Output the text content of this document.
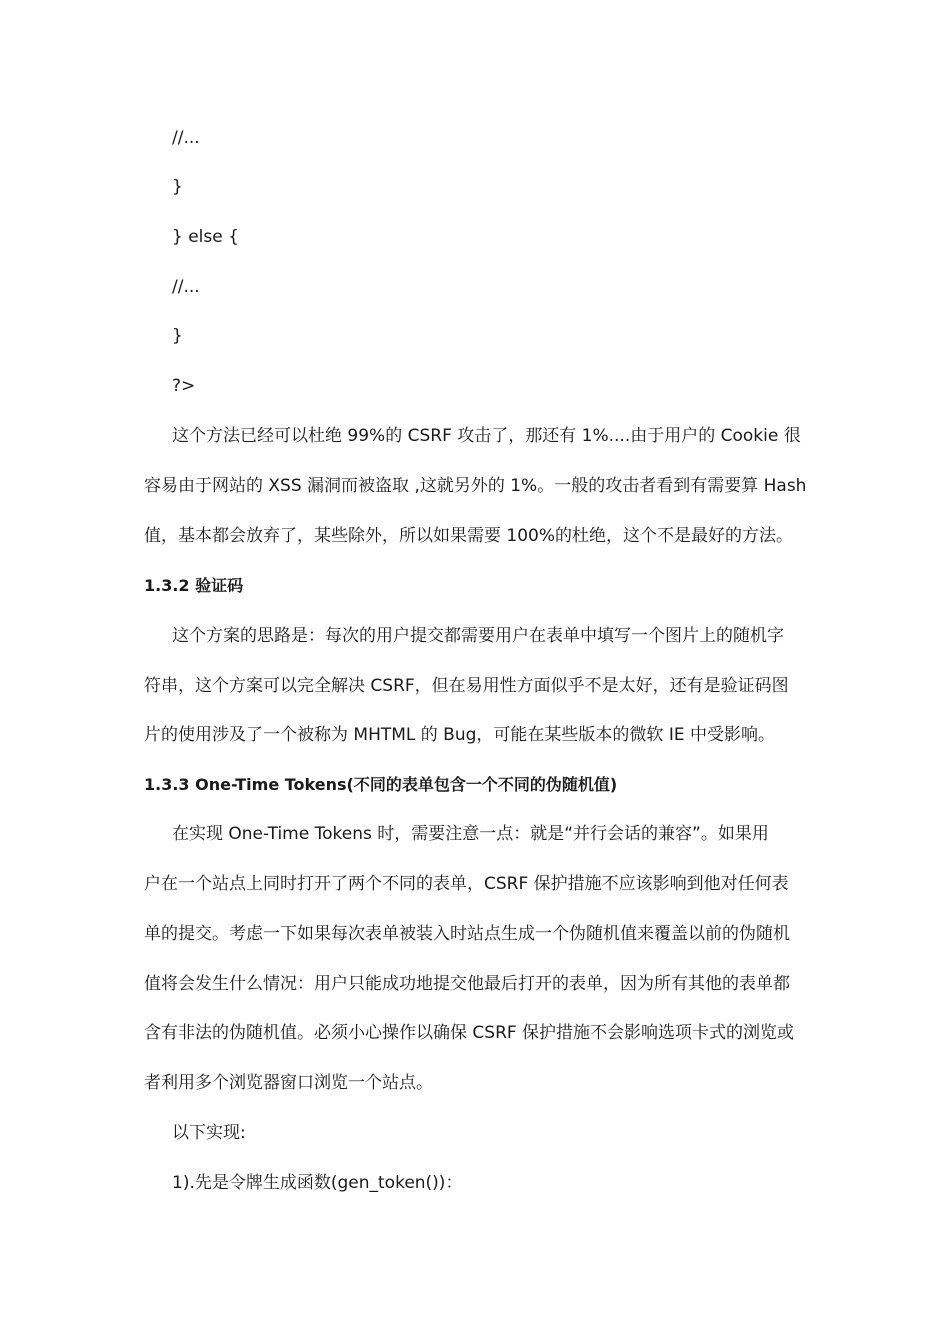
//...
}
} else {
//...
}
?>
这个方法已经可以杜绝 99%的 CSRF 攻击了，那还有 1%....由于用户的 Cookie 很
容易由于网站的 XSS 漏洞而被盗取 ,这就另外的 1%。一般的攻击者看到有需要算 Hash
值，基本都会放弃了，某些除外，所以如果需要 100%的杜绝，这个不是最好的方法。
1.3.2 验证码
这个方案的思路是：每次的用户提交都需要用户在表单中填写一个图片上的随机字
符串，这个方案可以完全解决 CSRF，但在易用性方面似乎不是太好，还有是验证码图
片的使用涉及了一个被称为 MHTML 的 Bug，可能在某些版本的微软 IE 中受影响。
1.3.3 One-Time Tokens(不同的表单包含一个不同的伪随机值)
在实现 One-Time Tokens 时，需要注意一点：就是“并行会话的兼容”。如果用
户在一个站点上同时打开了两个不同的表单，CSRF 保护措施不应该影响到他对任何表
单的提交。考虑一下如果每次表单被装入时站点生成一个伪随机值来覆盖以前的伪随机
值将会发生什么情况：用户只能成功地提交他最后打开的表单，因为所有其他的表单都
含有非法的伪随机值。必须小心操作以确保 CSRF 保护措施不会影响选项卡式的浏览或
者利用多个浏览器窗口浏览一个站点。
以下实现:
1).先是令牌生成函数(gen_token())：
